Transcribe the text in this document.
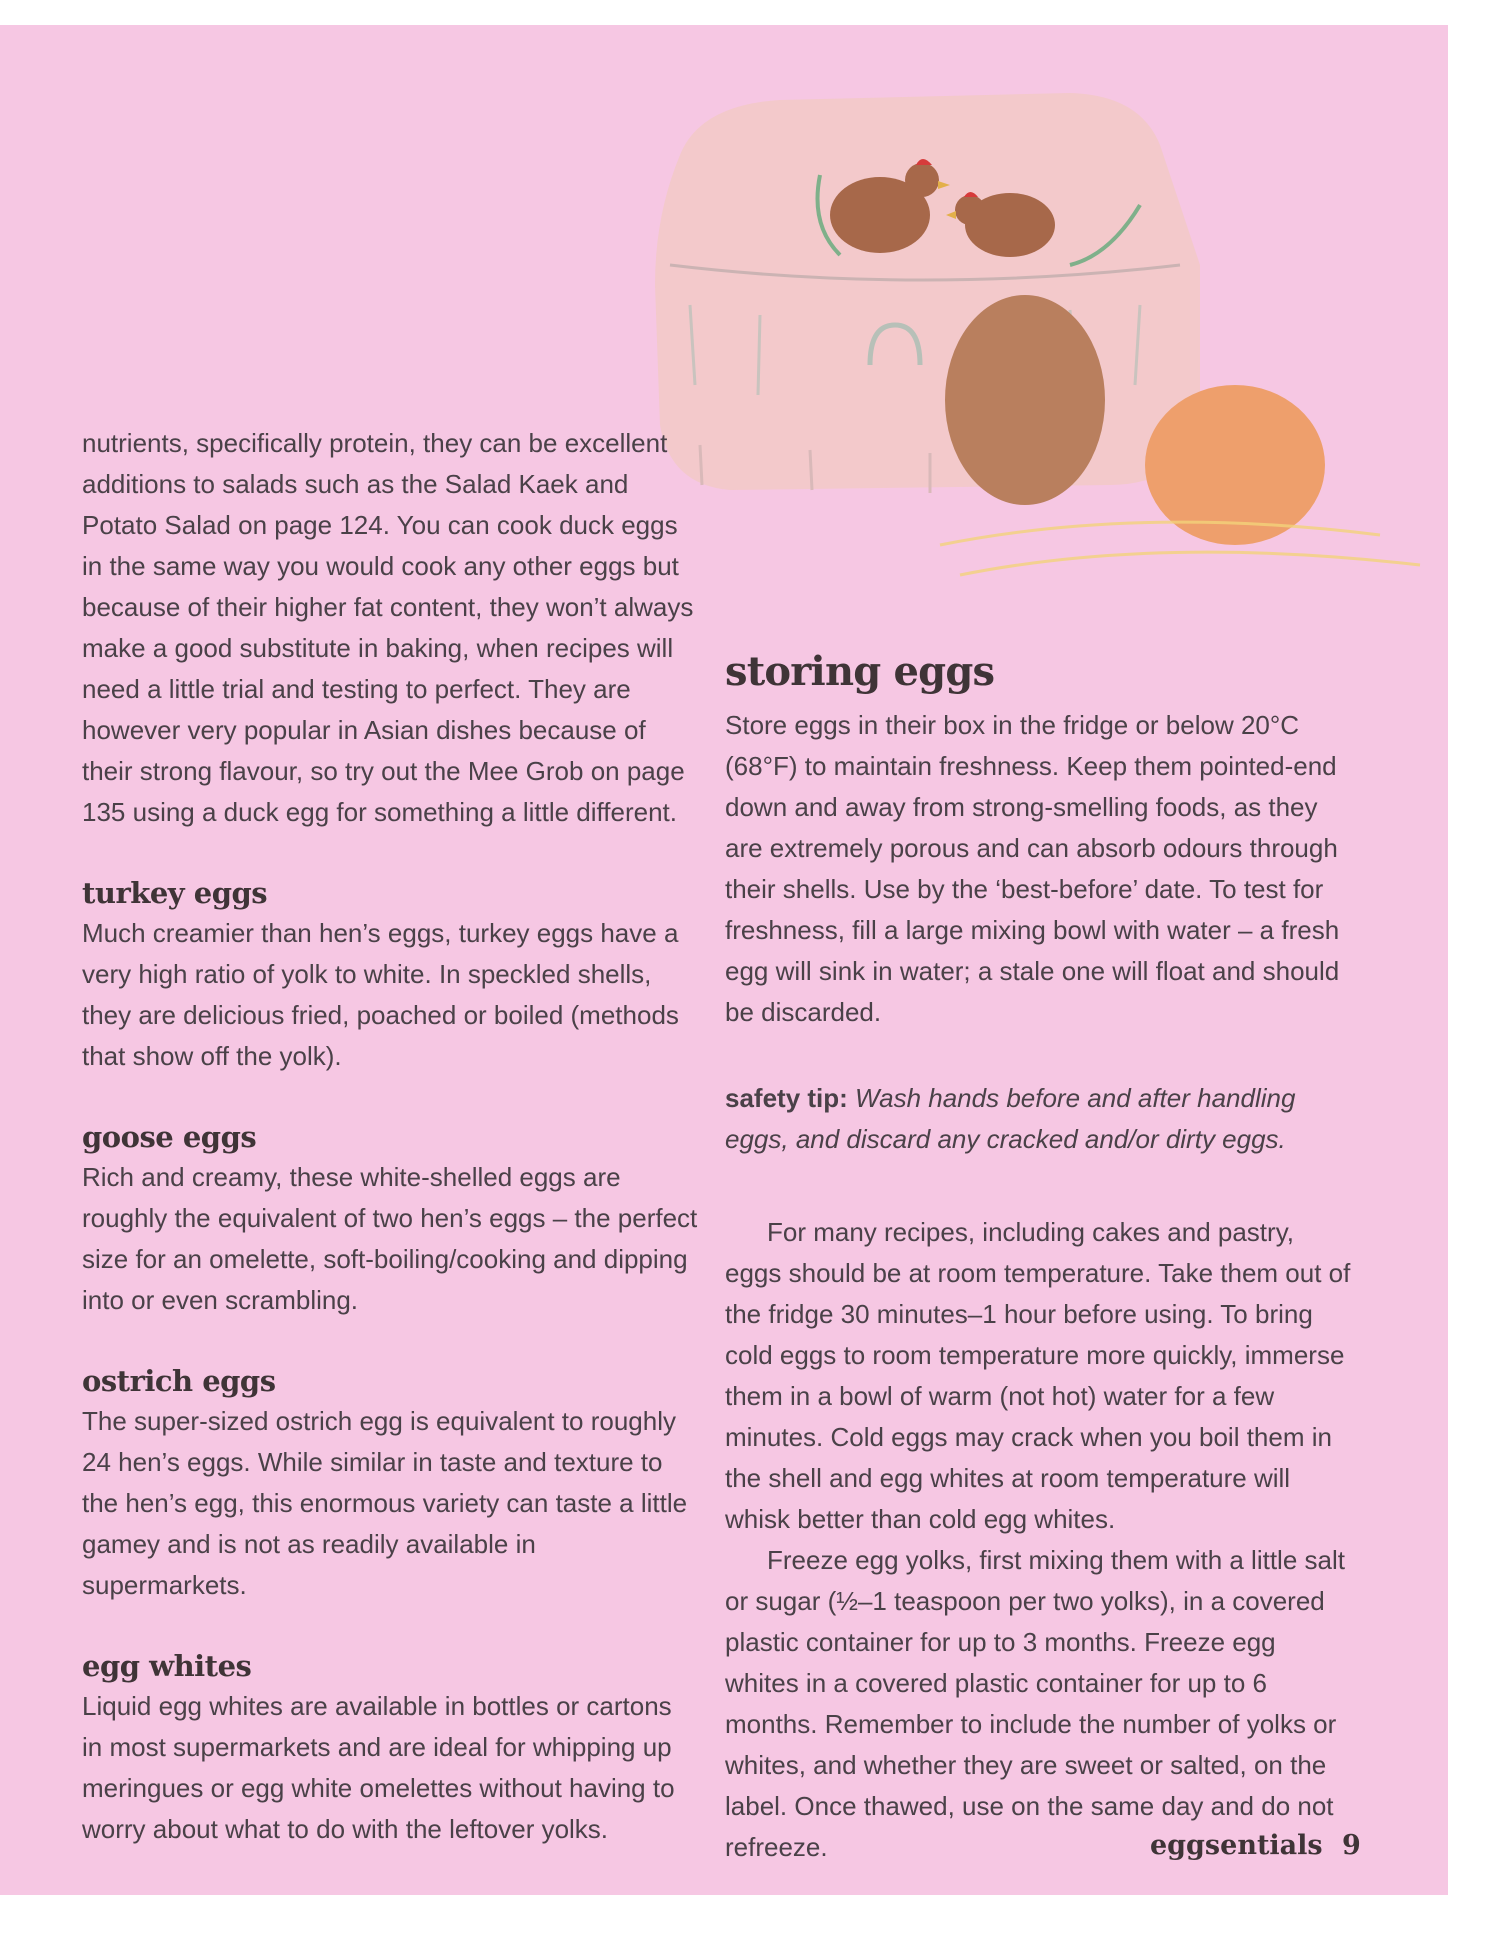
nutrients, specifically protein, they can be excellent additions to salads such as the Salad Kaek and Potato Salad on page 124. You can cook duck eggs in the same way you would cook any other eggs but because of their higher fat content, they won’t always make a good substitute in baking, when recipes will need a little trial and testing to perfect. They are however very popular in Asian dishes because of their strong flavour, so try out the Mee Grob on page 135 using a duck egg for something a little different.

turkey eggs

Much creamier than hen’s eggs, turkey eggs have a very high ratio of yolk to white. In speckled shells, they are delicious fried, poached or boiled (methods that show off the yolk).

goose eggs

Rich and creamy, these white-shelled eggs are roughly the equivalent of two hen’s eggs – the perfect size for an omelette, soft-boiling/cooking and dipping into or even scrambling.

ostrich eggs

The super-sized ostrich egg is equivalent to roughly 24 hen’s eggs. While similar in taste and texture to the hen’s egg, this enormous variety can taste a little gamey and is not as readily available in supermarkets.

egg whites

Liquid egg whites are available in bottles or cartons in most supermarkets and are ideal for whipping up meringues or egg white omelettes without having to worry about what to do with the leftover yolks.

storing eggs

Store eggs in their box in the fridge or below 20°C (68°F) to maintain freshness. Keep them pointed-end down and away from strong-smelling foods, as they are extremely porous and can absorb odours through their shells. Use by the ‘best-before’ date. To test for freshness, fill a large mixing bowl with water – a fresh egg will sink in water; a stale one will float and should be discarded.

safety tip: Wash hands before and after handling eggs, and discard any cracked and/or dirty eggs.

For many recipes, including cakes and pastry, eggs should be at room temperature. Take them out of the fridge 30 minutes–1 hour before using. To bring cold eggs to room temperature more quickly, immerse them in a bowl of warm (not hot) water for a few minutes. Cold eggs may crack when you boil them in the shell and egg whites at room temperature will whisk better than cold egg whites.

Freeze egg yolks, first mixing them with a little salt or sugar (½–1 teaspoon per two yolks), in a covered plastic container for up to 3 months. Freeze egg whites in a covered plastic container for up to 6 months. Remember to include the number of yolks or whites, and whether they are sweet or salted, on the label. Once thawed, use on the same day and do not refreeze.	eggsentials 9
